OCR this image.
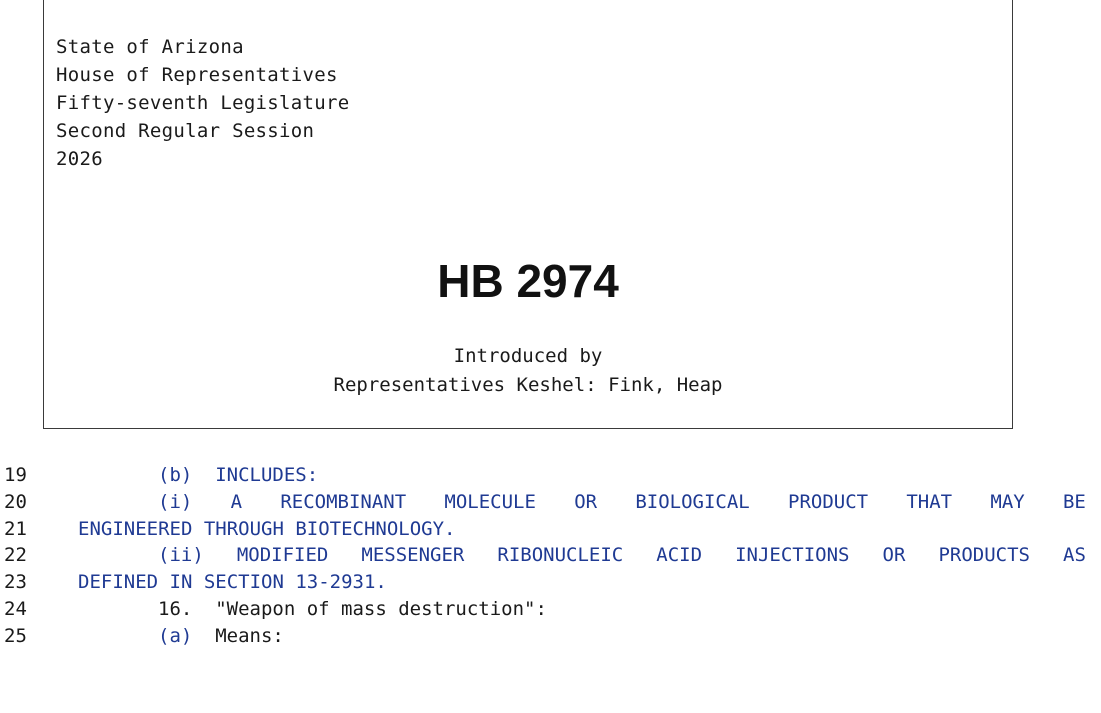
State of Arizona
House of Representatives
Fifty-seventh Legislature
Second Regular Session
2026
HB 2974
Introduced by
Representatives Keshel: Fink, Heap

19

	(b)  INCLUDES:

20

	(i) A RECOMBINANT MOLECULE OR BIOLOGICAL PRODUCT THAT MAY BE

21

	ENGINEERED THROUGH BIOTECHNOLOGY.

22

	(ii) MODIFIED MESSENGER RIBONUCLEIC ACID INJECTIONS OR PRODUCTS AS

23

	DEFINED IN SECTION 13-2931.

24

	16.  "Weapon of mass destruction":

25

	(a) Means:
